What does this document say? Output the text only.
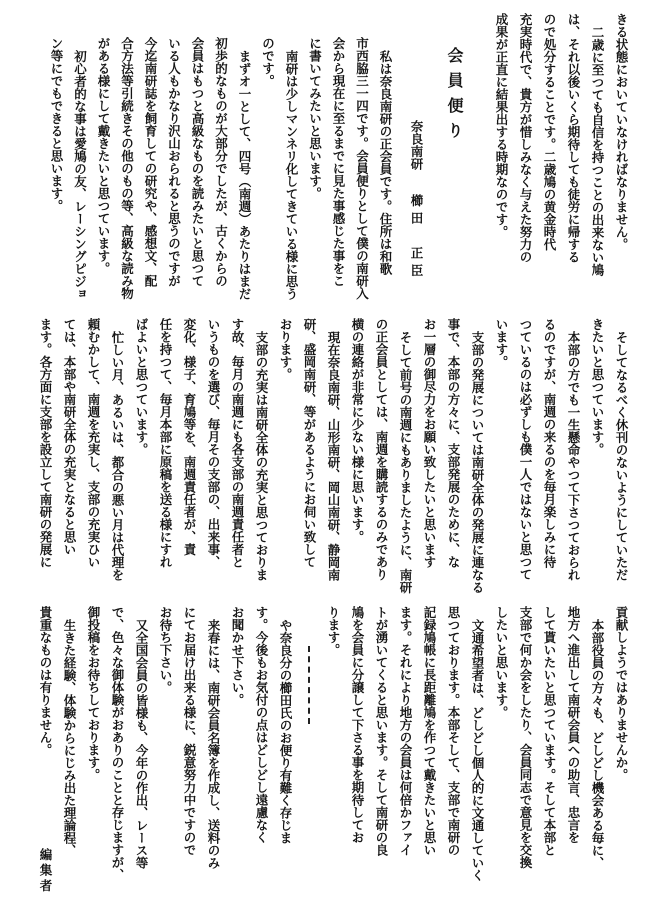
きる状態においていなければなりません。
二歳に至つても自信を持つことの出来ない鳩
は、それ以後いくら期待しても徒労に帰する
ので処分することです。二歳鳩の黄金時代
充実時代で、貴方が惜しみなく与えた努力の
成果が正直に結果出する時期なのです。
会員便り
奈良南研
櫛田　正臣
私は奈良南研の正会員です。住所は和歌
市西脇三一四です。会員便りとして僕の南研入
会から現在に至るまでに見た事感じた事をこ
に書いてみたいと思います。
南研は少しマンネリ化してきている様に思う
のです。
まずオ一として、四号（南週）あたりはまだ
初歩的なものが大部分でしたが、古くからの
会員はもつと高級なものを読みたいと思つて
いる人もかなり沢山おられると思うのですが
今迄南研誌を飼育しての研究や、感想文、配
合方法等引続きその他のもの等、高級な読み物
がある様にして戴きたいと思つています。
初心者的な事は愛鳩の友、レーシングピジョ
ン等にでもできると思います。
そしてなるべく休刊のないようにしていただ
きたいと思つています。
本部の方でも一生懸命やつて下さつておられ
るのですが、南週の来るのを毎月楽しみに待
つているのは必ずしも僕一人ではないと思つて
います。
支部の発展については南研全体の発展に連なる
事で、本部の方々に、支部発展のために、な
お一層の御尽力をお願い致したいと思います
そして前号の南週にもありましたように、南研
の正会員としては、南週を購読するのみであり
横の連絡が非常に少ない様に思います。
現在奈良南研、山形南研、岡山南研、静岡南
研、盛岡南研、等があるようにお伺い致して
おります。
支部の充実は南研全体の充実と思つておりま
す故、毎月の南週にも各支部の南週責任者と
いうものを選び、毎月その支部の、出来事、
変化、様子、育鳩等を、南週責任者が、責
任を持つて、毎月本部に原稿を送る様にすれ
ばよいと思つています。
忙しい月、あるいは、都合の悪い月は代理を
頼むかして、南週を充実し、支部の充実ひい
ては、本部や南研全体の充実となると思い
ます。各方面に支部を設立して南研の発展に
貢献しようではありませんか。
本部役員の方々も、どしどし機会ある毎に、
地方へ進出して南研会員への助言、忠言を
して貰いたいと思つています。そして本部と
支部で何か会をしたり、会員同志で意見を交換
したいと思います。
文通希望者は、どしどし個人的に文通していく
思つております。本部そして、支部で南研の
記録鳩帳に長距離鳩を作つて戴きたいと思い
ます。それにより地方の会員は何倍かファイ
トが湧いてくると思います。そして南研の良
鳩を会員に分譲して下さる事を期待してお
ります。
や奈良分の櫛田氏のお便り有難く存じま
す。今後もお気付の点はどしどし遠慮なく
お聞かせ下さい。
来春には、南研会員名簿を作成し、送料のみ
にてお届け出来る様に、鋭意努力中ですので
お待ち下さい。
又全国会員の皆様も、今年の作出、レース等
で、色々な御体験がおありのことと存じますが、
御投稿をお待ちしております。
生きた経験、体験からにじみ出た理論程、
貴重なものは有りません。
編集者
